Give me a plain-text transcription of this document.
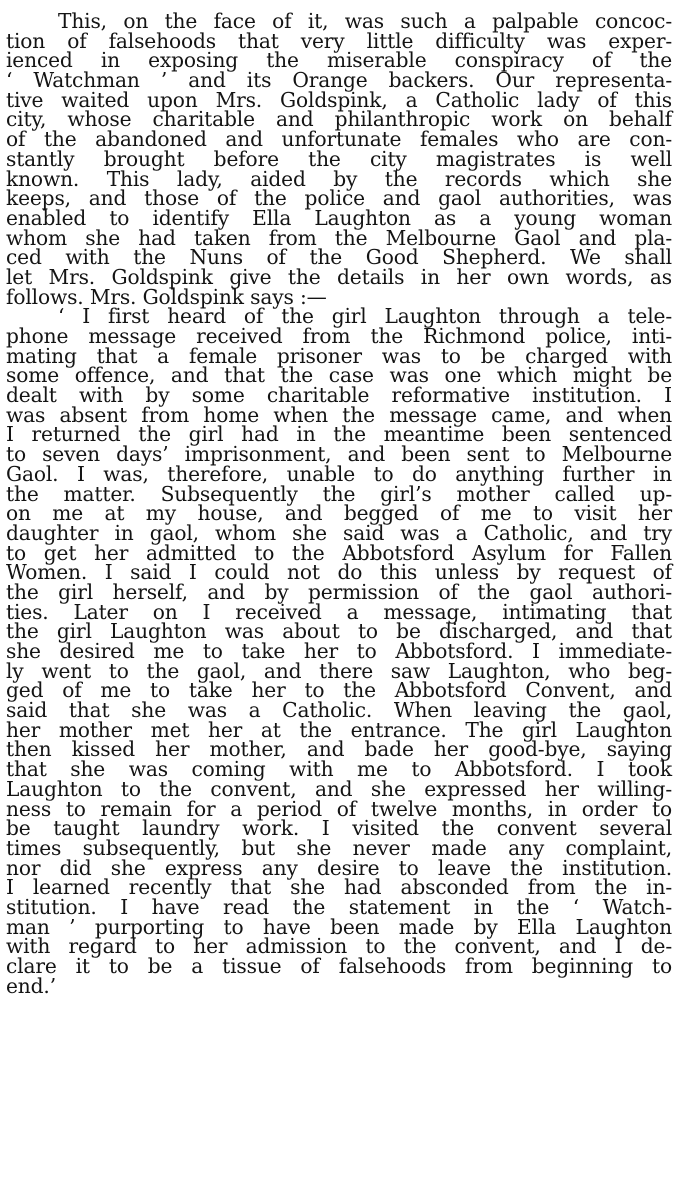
This, on the face of it, was such a palpable concoc-
tion of falsehoods that very little difficulty was exper-
ienced in exposing the miserable conspiracy of the
‘ Watchman ’ and its Orange backers. Our representa-
tive waited upon Mrs. Goldspink, a Catholic lady of this
city, whose charitable and philanthropic work on behalf
of the abandoned and unfortunate females who are con-
stantly brought before the city magistrates is well
known. This lady, aided by the records which she
keeps, and those of the police and gaol authorities, was
enabled to identify Ella Laughton as a young woman
whom she had taken from the Melbourne Gaol and pla-
ced with the Nuns of the Good Shepherd. We shall
let Mrs. Goldspink give the details in her own words, as
follows. Mrs. Goldspink says :—
‘ I first heard of the girl Laughton through a tele-
phone message received from the Richmond police, inti-
mating that a female prisoner was to be charged with
some offence, and that the case was one which might be
dealt with by some charitable reformative institution. I
was absent from home when the message came, and when
I returned the girl had in the meantime been sentenced
to seven days’ imprisonment, and been sent to Melbourne
Gaol. I was, therefore, unable to do anything further in
the matter. Subsequently the girl’s mother called up-
on me at my house, and begged of me to visit her
daughter in gaol, whom she said was a Catholic, and try
to get her admitted to the Abbotsford Asylum for Fallen
Women. I said I could not do this unless by request of
the girl herself, and by permission of the gaol authori-
ties. Later on I received a message, intimating that
the girl Laughton was about to be discharged, and that
she desired me to take her to Abbotsford. I immediate-
ly went to the gaol, and there saw Laughton, who beg-
ged of me to take her to the Abbotsford Convent, and
said that she was a Catholic. When leaving the gaol,
her mother met her at the entrance. The girl Laughton
then kissed her mother, and bade her good-bye, saying
that she was coming with me to Abbotsford. I took
Laughton to the convent, and she expressed her willing-
ness to remain for a period of twelve months, in order to
be taught laundry work. I visited the convent several
times subsequently, but she never made any complaint,
nor did she express any desire to leave the institution.
I learned recently that she had absconded from the in-
stitution. I have read the statement in the ‘ Watch-
man ’ purporting to have been made by Ella Laughton
with regard to her admission to the convent, and I de-
clare it to be a tissue of falsehoods from beginning to
end.’
